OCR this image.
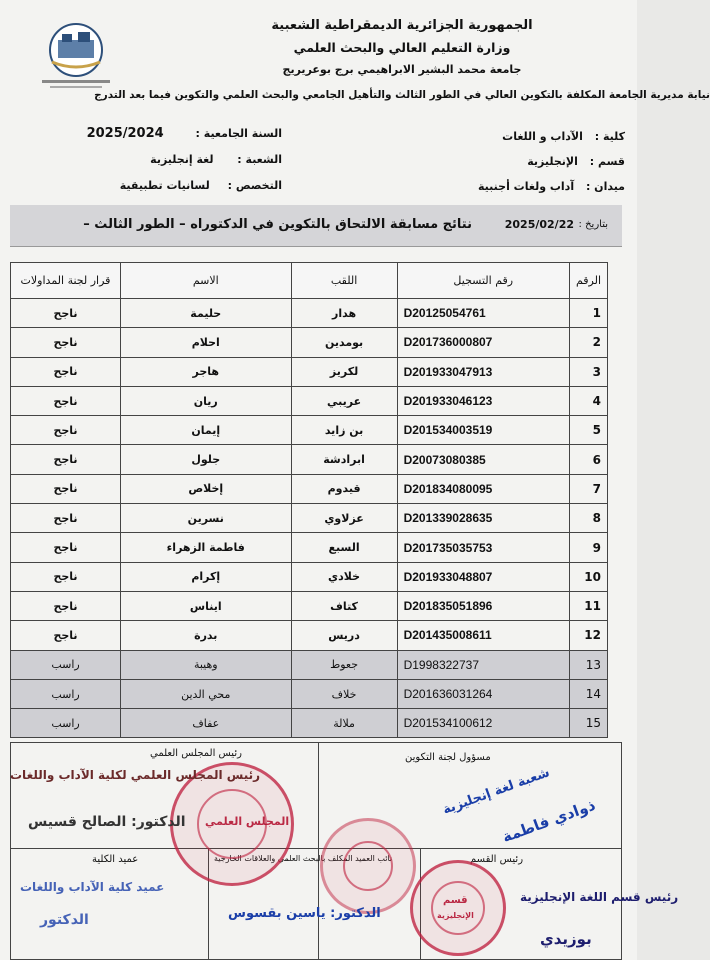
الجمهورية الجزائرية الديمقراطية الشعبية
وزارة التعليم العالي والبحث العلمي
جامعة محمد البشير الابراهيمي برج بوعريريج
نيابة مديرية الجامعة المكلفة بالتكوين العالي في الطور الثالث والتأهيل الجامعي والبحث العلمي والتكوين فيما بعد التدرج
كلية : الآداب و اللغات
قسم : الإنجليزية
ميدان : آداب ولغات أجنبية
السنة الجامعية : 2025/2024
الشعبة : لغة إنجليزية
التخصص : لسانيات تطبيقية
بتاريخ :
2025/02/22
نتائج مسابقة الالتحاق بالتكوين في الدكتوراه – الطور الثالث –
الرقم	رقم التسجيل	اللقب	الاسم	قرار لجنة المداولات
1	D20125054761	هدار	حليمة	ناجح
2	D201736000807	بومدين	احلام	ناجح
3	D201933047913	لكريز	هاجر	ناجح
4	D201933046123	عريبي	ريان	ناجح
5	D201534003519	بن زايد	إيمان	ناجح
6	D20073080385	ابرادشة	جلول	ناجح
7	D201834080095	قيدوم	إخلاص	ناجح
8	D201339028635	عزلاوي	نسرين	ناجح
9	D201735035753	السبع	فاطمة الزهراء	ناجح
10	D201933048807	خلادي	إكرام	ناجح
11	D201835051896	كتاف	ايناس	ناجح
12	D201435008611	دريس	بدرة	ناجح
13	D1998322737	جعوط	وهيبة	راسب
14	D201636031264	خلاف	محي الدين	راسب
15	D201534100612	ملالة	عفاف	راسب
رئيس المجلس العلمي	مسؤول لجنة التكوين
عميد الكلية	نائب العميد المكلف بالبحث العلمي والعلاقات الخارجية	رئيس القسم
المجلس العلمي
قسم
الإنجليزية
رئيس المجلس العلمي لكلية الآداب واللغات
الدكتور: الصالح قسيس
شعبة لغة إنجليزية
ذوادي فاطمة
عميد كلية الآداب واللغات
الدكتور	الدكتور: ياسين بقسوس
رئيس قسم اللغة الإنجليزية
بوزيدي
